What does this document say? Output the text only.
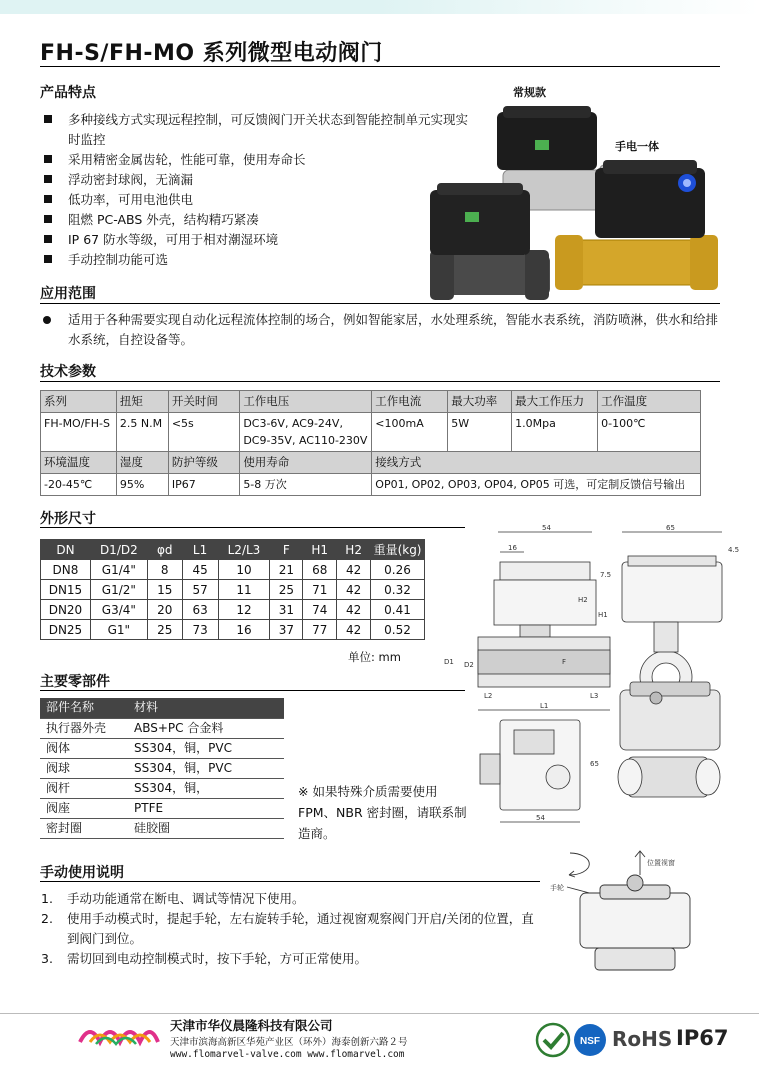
FH-S/FH-MO 系列微型电动阀门
产品特点
多种接线方式实现远程控制，可反馈阀门开关状态到智能控制单元实现实时监控
采用精密金属齿轮，性能可靠，使用寿命长
浮动密封球阀，无滴漏
低功率，可用电池供电
阻燃 PC-ABS 外壳，结构精巧紧凑
IP 67 防水等级，可用于相对潮湿环境
手动控制功能可选
常规款
手电一体
应用范围
适用于各种需要实现自动化远程流体控制的场合，例如智能家居，水处理系统，智能水表系统，消防喷淋，供水和给排水系统，自控设备等。
技术参数
系列	扭矩	开关时间	工作电压	工作电流	最大功率	最大工作压力	工作温度
FH-MO/FH-S	2.5 N.M	<5s	DC3-6V, AC9-24V,
DC9-35V, AC110-230V	<100mA	5W	1.0Mpa	0-100℃
环境温度	湿度	防护等级	使用寿命	接线方式			
-20-45℃	95%	IP67	5-8 万次	OP01, OP02, OP03, OP04, OP05 可选，可定制反馈信号输出			
外形尺寸
DN	D1/D2	φd	L1	L2/L3	F	H1	H2	重量(kg)
DN8	G1/4"	8	45	10	21	68	42	0.26
DN15	G1/2"	15	57	11	25	71	42	0.32
DN20	G3/4"	20	63	12	31	74	42	0.41
DN25	G1"	25	73	16	37	77	42	0.52
单位: mm
54
16
7.5
H2
H1
D1 D2	F
L2	L3
L1
65
4.5
65
54
主要零部件
部件名称	材料
执行器外壳	ABS+PC 合金料
阀体	SS304，铜，PVC
阀球	SS304，铜，PVC
阀杆	SS304，铜，
阀座	PTFE
密封圈	硅胶圈
※ 如果特殊介质需要使用 FPM、NBR 密封圈，请联系制造商。
手动使用说明
1. 手动功能通常在断电、调试等情况下使用。
2. 使用手动模式时，提起手轮，左右旋转手轮，通过视窗观察阀门开启/关闭的位置，直到阀门到位。
3. 需切回到电动控制模式时，按下手轮，方可正常使用。
位置视窗
手轮
天津市华仪晨隆科技有限公司
天津市滨海高新区华苑产业区（环外）海泰创新六路２号
www.flomarvel-valve.com www.flomarvel.com
NSF RoHS IP67
